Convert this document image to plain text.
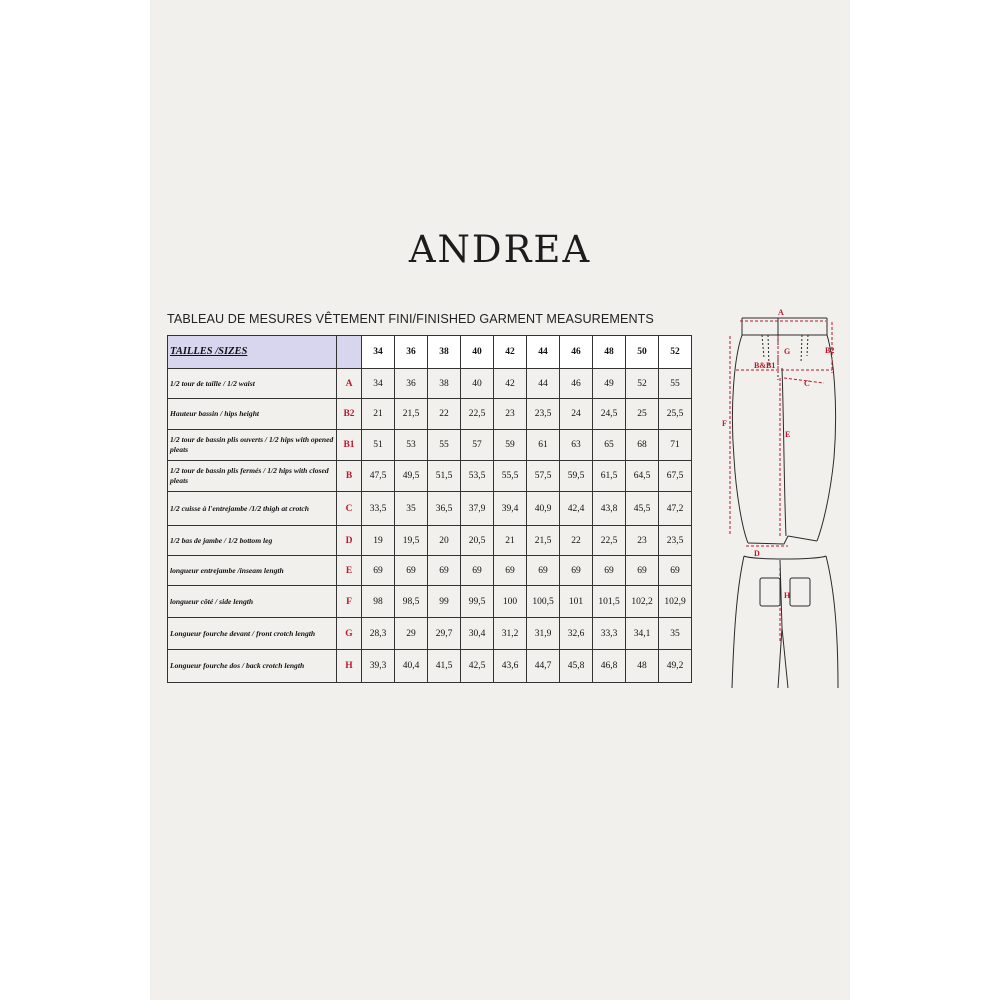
ANDREA
TABLEAU DE MESURES VÊTEMENT FINI/FINISHED GARMENT MEASUREMENTS
TAILLES /SIZES		34	36	38	40	42	44	46	48	50	52
1/2 tour de taille / 1/2 waist	A	34	36	38	40	42	44	46	49	52	55
Hauteur bassin / hips height	B2	21	21,5	22	22,5	23	23,5	24	24,5	25	25,5
1/2 tour de bassin plis ouverts / 1/2 hips with opened pleats	B1	51	53	55	57	59	61	63	65	68	71
1/2 tour de bassin plis fermés / 1/2 hips with closed pleats	B	47,5	49,5	51,5	53,5	55,5	57,5	59,5	61,5	64,5	67,5
1/2 cuisse à l'entrejambe /1/2 thigh at crotch	C	33,5	35	36,5	37,9	39,4	40,9	42,4	43,8	45,5	47,2
1/2 bas de jambe / 1/2 bottom leg	D	19	19,5	20	20,5	21	21,5	22	22,5	23	23,5
longueur entrejambe /inseam length	E	69	69	69	69	69	69	69	69	69	69
longueur côté / side length	F	98	98,5	99	99,5	100	100,5	101	101,5	102,2	102,9
Longueur fourche devant / front crotch length	G	28,3	29	29,7	30,4	31,2	31,9	32,6	33,3	34,1	35
Longueur fourche dos / back crotch length	H	39,3	40,4	41,5	42,5	43,6	44,7	45,8	46,8	48	49,2
A
B2
G
B&B1
C
F
E
D
H
